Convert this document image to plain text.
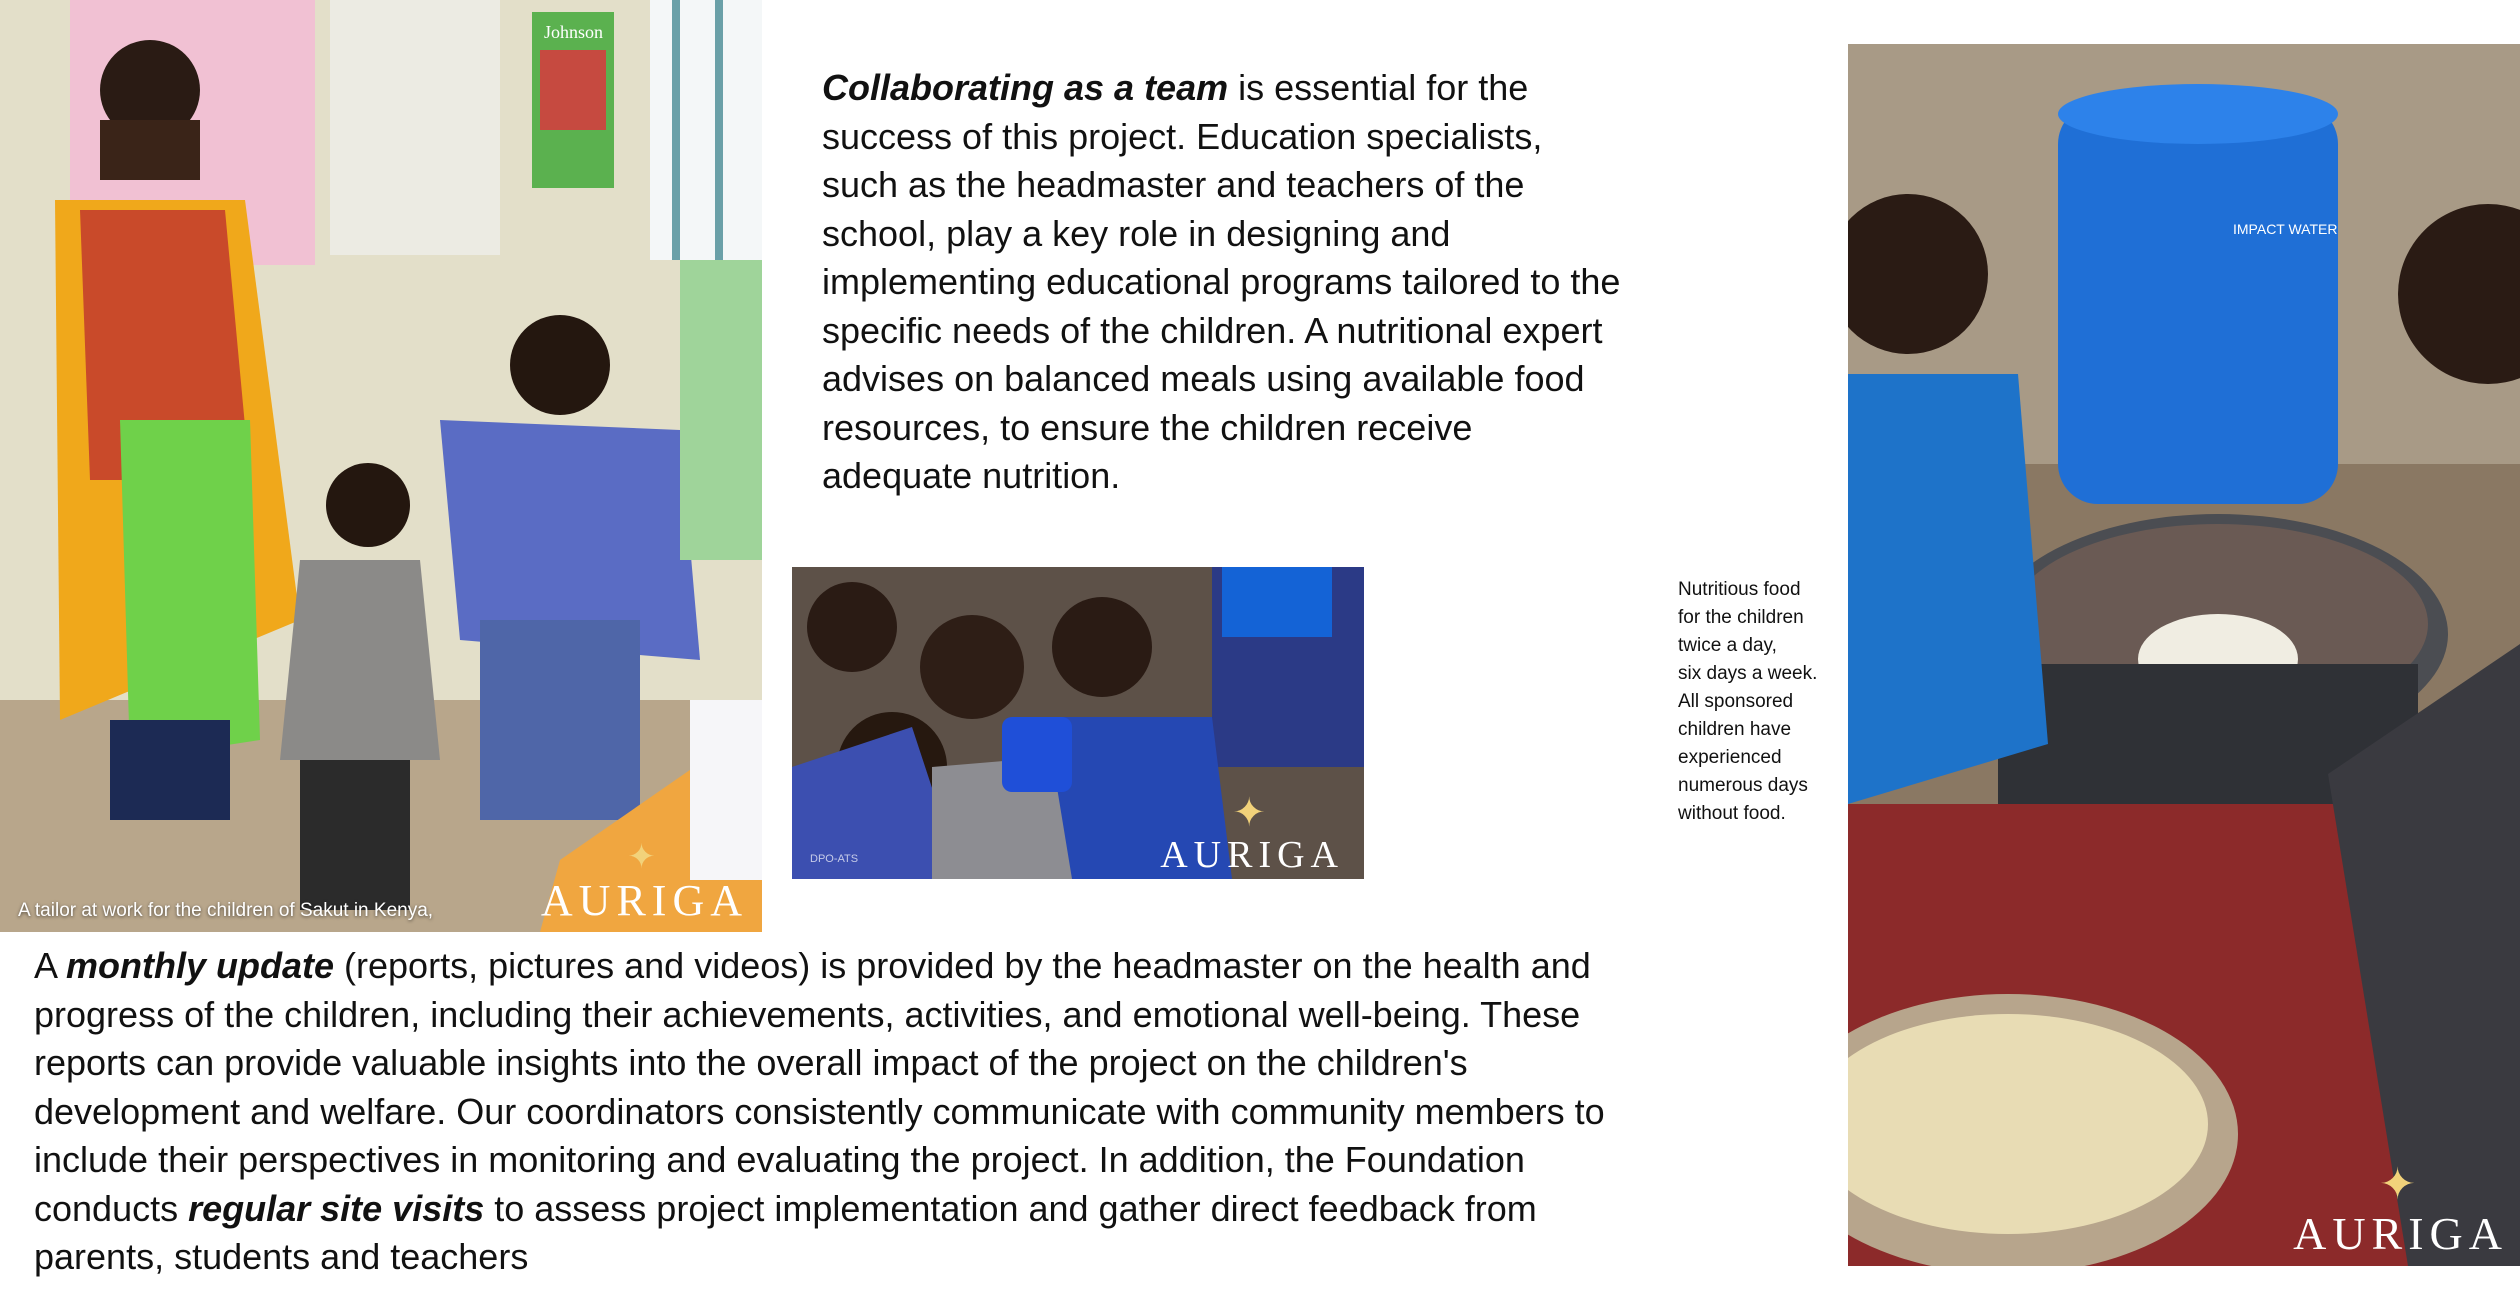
Johnson
✦
AURIGA
A tailor at work for the children of Sakut in Kenya,
Collaborating as a team is essential for the success of this project. Education specialists, such as the headmaster and teachers of the school, play a key role in designing and implementing educational programs tailored to the specific needs of the children. A nutritional expert advises on balanced meals using available food resources, to ensure the children receive adequate nutrition.
✦
AURIGA
DPO-ATS
Nutritious food
for the children
twice a day,
six days a week.
All sponsored
children have
experienced
numerous days
without food.
IMPACT WATER
✦
AURIGA
A monthly update (reports, pictures and videos) is provided by the headmaster on the health and progress of the children, including their achievements, activities, and emotional well-being. These reports can provide valuable insights into the overall impact of the project on the children's development and welfare. Our coordinators consistently communicate with community members to include their perspectives in monitoring and evaluating the project. In addition, the Foundation conducts regular site visits to assess project implementation and gather direct feedback from parents, students and teachers
